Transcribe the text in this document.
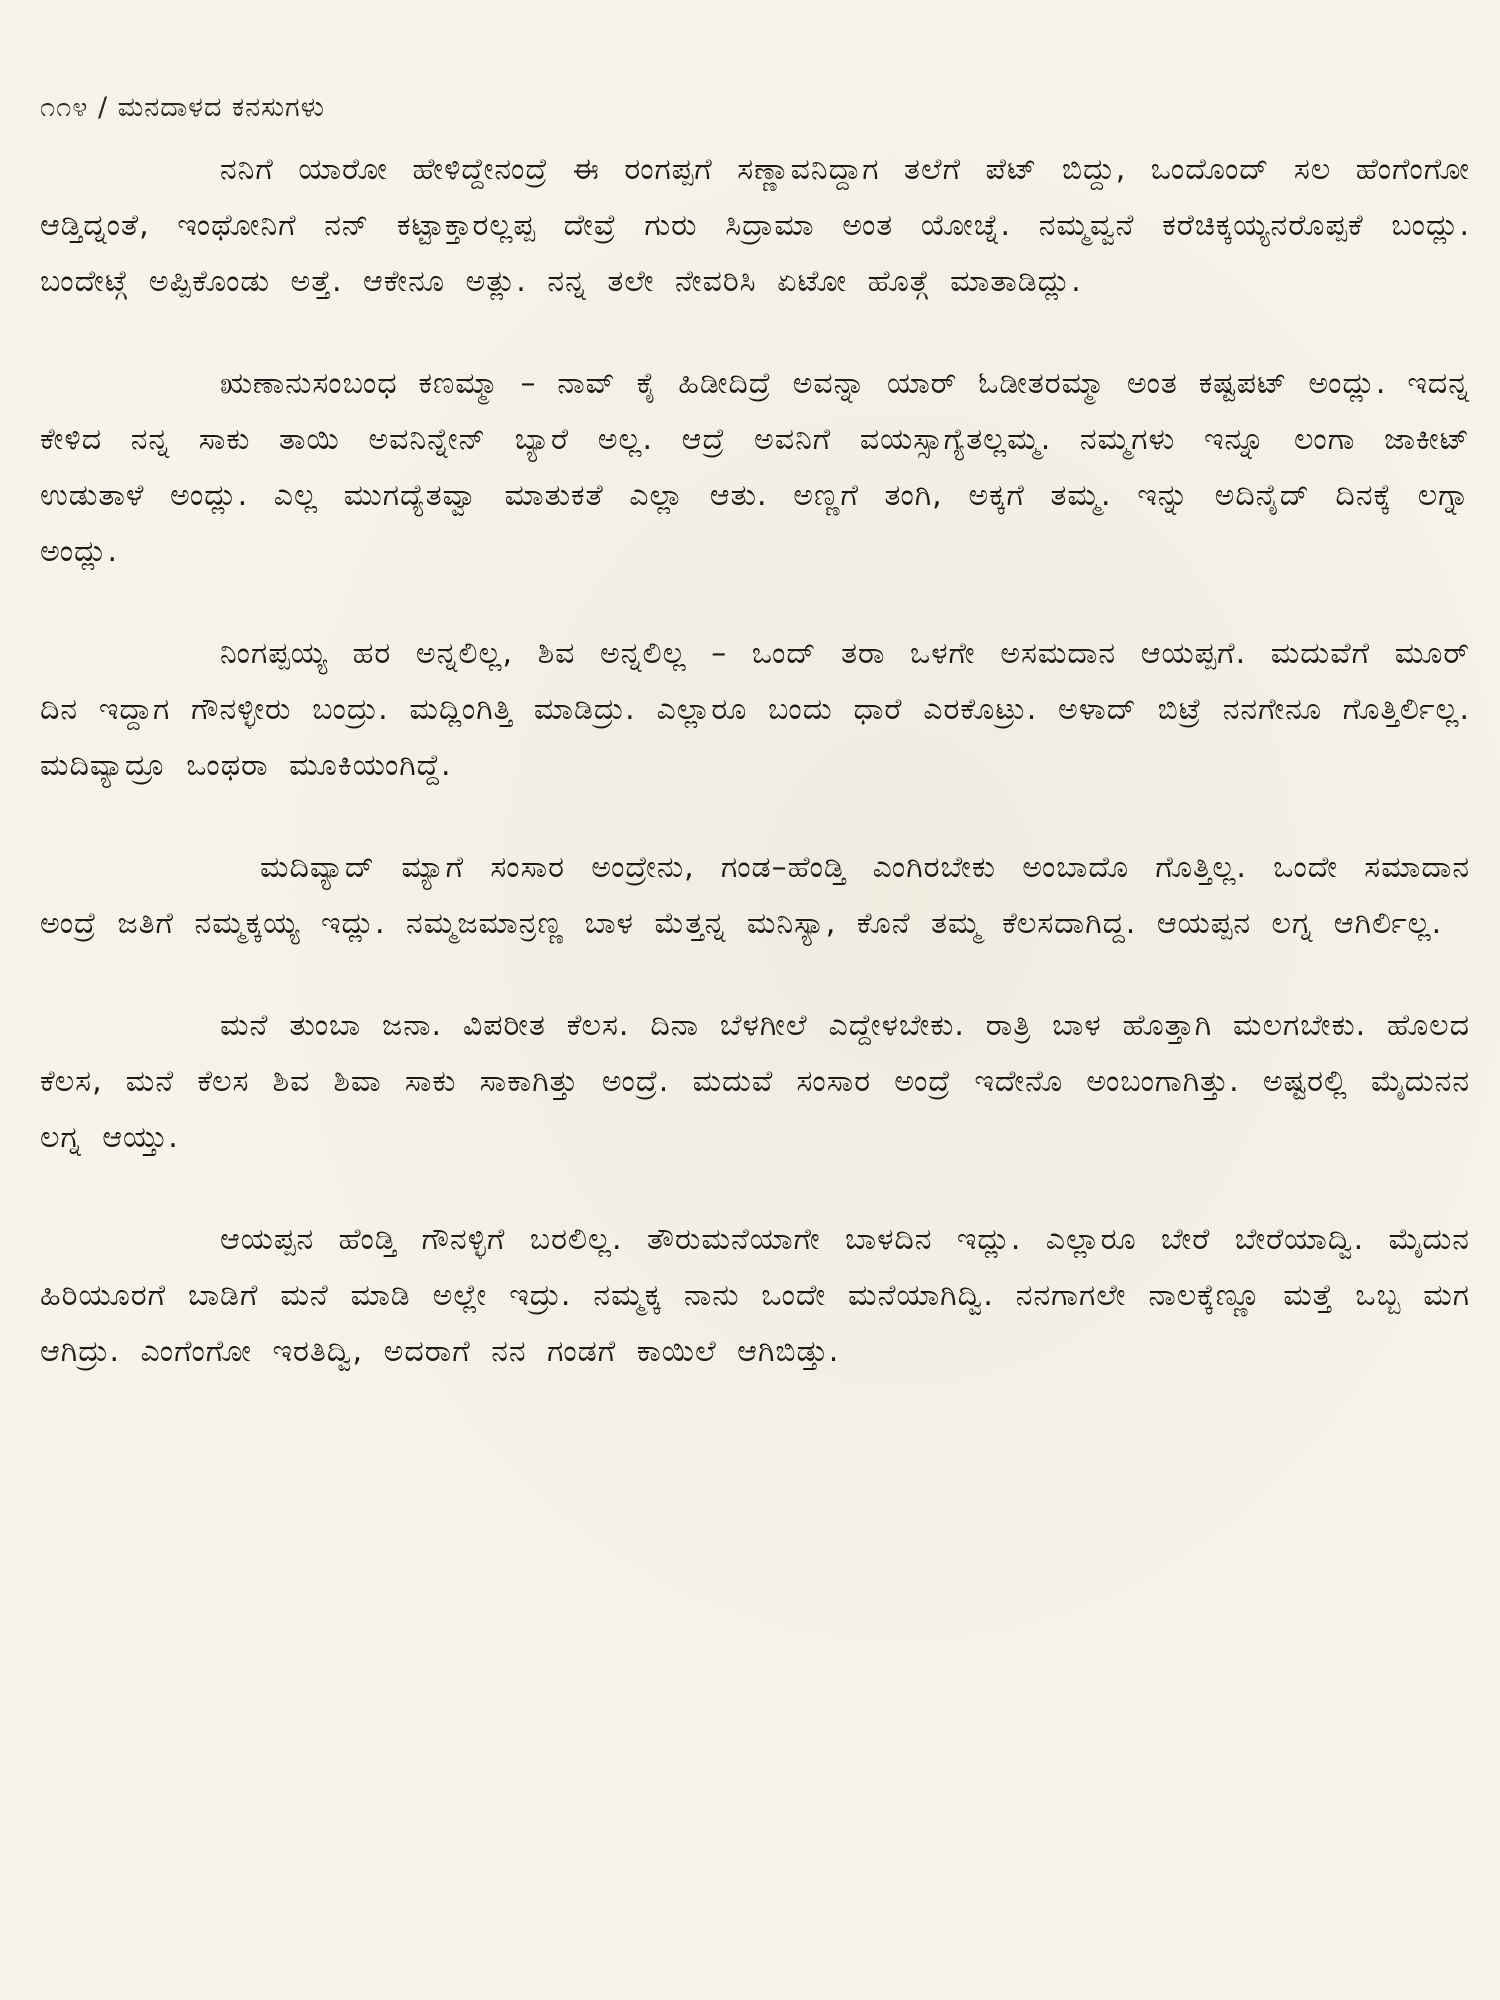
೧೧೪ / ಮನದಾಳದ ಕನಸುಗಳು

ನನಿಗೆ ಯಾರೋ ಹೇಳಿದ್ದೇನಂದ್ರೆ ಈ ರಂಗಪ್ಪಗೆ ಸಣ್ಣಾವನಿದ್ದಾಗ ತಲೆಗೆ ಪೆಟ್ ಬಿದ್ದು, ಒಂದೊಂದ್ ಸಲ ಹೆಂಗೆಂಗೋ ಆಡ್ತಿದ್ನಂತೆ, ಇಂಥೋನಿಗೆ ನನ್ ಕಟ್ಟಾಕ್ತಾರಲ್ಲಪ್ಪ ದೇವ್ರೆ ಗುರು ಸಿದ್ರಾಮಾ ಅಂತ ಯೋಚ್ನೆ. ನಮ್ಮವ್ವನೆ ಕರೆಚಿಕ್ಕಯ್ಯನರೊಪ್ಪಕೆ ಬಂದ್ಲು. ಬಂದೇಟ್ಗೆ ಅಪ್ಪಿಕೊಂಡು ಅತ್ತೆ. ಆಕೇನೂ ಅತ್ಲು. ನನ್ನ ತಲೇ ನೇವರಿಸಿ ಏಟೋ ಹೊತ್ಗೆ ಮಾತಾಡಿದ್ಲು.

ಋಣಾನುಸಂಬಂಧ ಕಣಮ್ಮಾ – ನಾವ್ ಕೈ ಹಿಡೀದಿದ್ರೆ ಅವನ್ನಾ ಯಾರ್ ಓಡೀತರಮ್ಮಾ ಅಂತ ಕಷ್ಟಪಟ್ ಅಂದ್ಲು. ಇದನ್ನ ಕೇಳಿದ ನನ್ನ ಸಾಕು ತಾಯಿ ಅವನಿನ್ನೇನ್ ಬ್ಯಾರೆ ಅಲ್ಲ. ಆದ್ರೆ ಅವನಿಗೆ ವಯಸ್ಸಾಗ್ಯೆತಲ್ಲಮ್ಮ. ನಮ್ಮಗಳು ಇನ್ನೂ ಲಂಗಾ ಜಾಕೀಟ್ ಉಡುತಾಳೆ ಅಂದ್ಲು. ಎಲ್ಲ ಮುಗದ್ಯೆತವ್ವಾ ಮಾತುಕತೆ ಎಲ್ಲಾ ಆತು. ಅಣ್ಣಗೆ ತಂಗಿ, ಅಕ್ಕಗೆ ತಮ್ಮ. ಇನ್ನು ಅದಿನೈದ್ ದಿನಕ್ಕೆ ಲಗ್ನಾ ಅಂದ್ಲು.

ನಿಂಗಪ್ಪಯ್ಯ ಹರ ಅನ್ನಲಿಲ್ಲ, ಶಿವ ಅನ್ನಲಿಲ್ಲ – ಒಂದ್ ತರಾ ಒಳಗೇ ಅಸಮದಾನ ಆಯಪ್ಪಗೆ. ಮದುವೆಗೆ ಮೂರ್ ದಿನ ಇದ್ದಾಗ ಗೌನಳ್ಳೀರು ಬಂದ್ರು. ಮದ್ಲಿಂಗಿತ್ತಿ ಮಾಡಿದ್ರು. ಎಲ್ಲಾರೂ ಬಂದು ಧಾರೆ ಎರಕೊಟ್ರು. ಅಳಾದ್ ಬಿಟ್ರೆ ನನಗೇನೂ ಗೊತ್ತಿರ್ಲಿಲ್ಲ. ಮದಿವ್ಯಾದ್ರೂ ಒಂಥರಾ ಮೂಕಿಯಂಗಿದ್ದೆ.

ಮದಿವ್ಯಾದ್ ಮ್ಯಾಗೆ ಸಂಸಾರ ಅಂದ್ರೇನು, ಗಂಡ–ಹೆಂಡ್ತಿ ಎಂಗಿರಬೇಕು ಅಂಬಾದೊ ಗೊತ್ತಿಲ್ಲ. ಒಂದೇ ಸಮಾದಾನ ಅಂದ್ರೆ ಜತಿಗೆ ನಮ್ಮಕ್ಕಯ್ಯ ಇದ್ಲು. ನಮ್ಮಜಮಾನ್ರಣ್ಣ ಬಾಳ ಮೆತ್ತನ್ನ ಮನಿಸ್ಯಾ, ಕೊನೆ ತಮ್ಮ ಕೆಲಸದಾಗಿದ್ದ. ಆಯಪ್ಪನ ಲಗ್ನ ಆಗಿರ್ಲಿಲ್ಲ.

ಮನೆ ತುಂಬಾ ಜನಾ. ವಿಪರೀತ ಕೆಲಸ. ದಿನಾ ಬೆಳಗೀಲೆ ಎದ್ದೇಳಬೇಕು. ರಾತ್ರಿ ಬಾಳ ಹೊತ್ತಾಗಿ ಮಲಗಬೇಕು. ಹೊಲದ ಕೆಲಸ, ಮನೆ ಕೆಲಸ ಶಿವ ಶಿವಾ ಸಾಕು ಸಾಕಾಗಿತ್ತು ಅಂದ್ರೆ. ಮದುವೆ ಸಂಸಾರ ಅಂದ್ರೆ ಇದೇನೊ ಅಂಬಂಗಾಗಿತ್ತು. ಅಷ್ಟರಲ್ಲಿ ಮೈದುನನ ಲಗ್ನ ಆಯ್ತು.

ಆಯಪ್ಪನ ಹೆಂಡ್ತಿ ಗೌನಳ್ಳಿಗೆ ಬರಲಿಲ್ಲ. ತೌರುಮನೆಯಾಗೇ ಬಾಳದಿನ ಇದ್ಲು. ಎಲ್ಲಾರೂ ಬೇರೆ ಬೇರೆಯಾದ್ವಿ. ಮೈದುನ ಹಿರಿಯೂರಗೆ ಬಾಡಿಗೆ ಮನೆ ಮಾಡಿ ಅಲ್ಲೇ ಇದ್ರು. ನಮ್ಮಕ್ಕ ನಾನು ಒಂದೇ ಮನೆಯಾಗಿದ್ವಿ. ನನಗಾಗಲೇ ನಾಲಕ್ಕೆಣ್ಣೂ ಮತ್ತೆ ಒಬ್ಬ ಮಗ ಆಗಿದ್ರು. ಎಂಗೆಂಗೋ ಇರತಿದ್ವಿ, ಅದರಾಗೆ ನನ ಗಂಡಗೆ ಕಾಯಿಲೆ ಆಗಿಬಿಡ್ತು.
